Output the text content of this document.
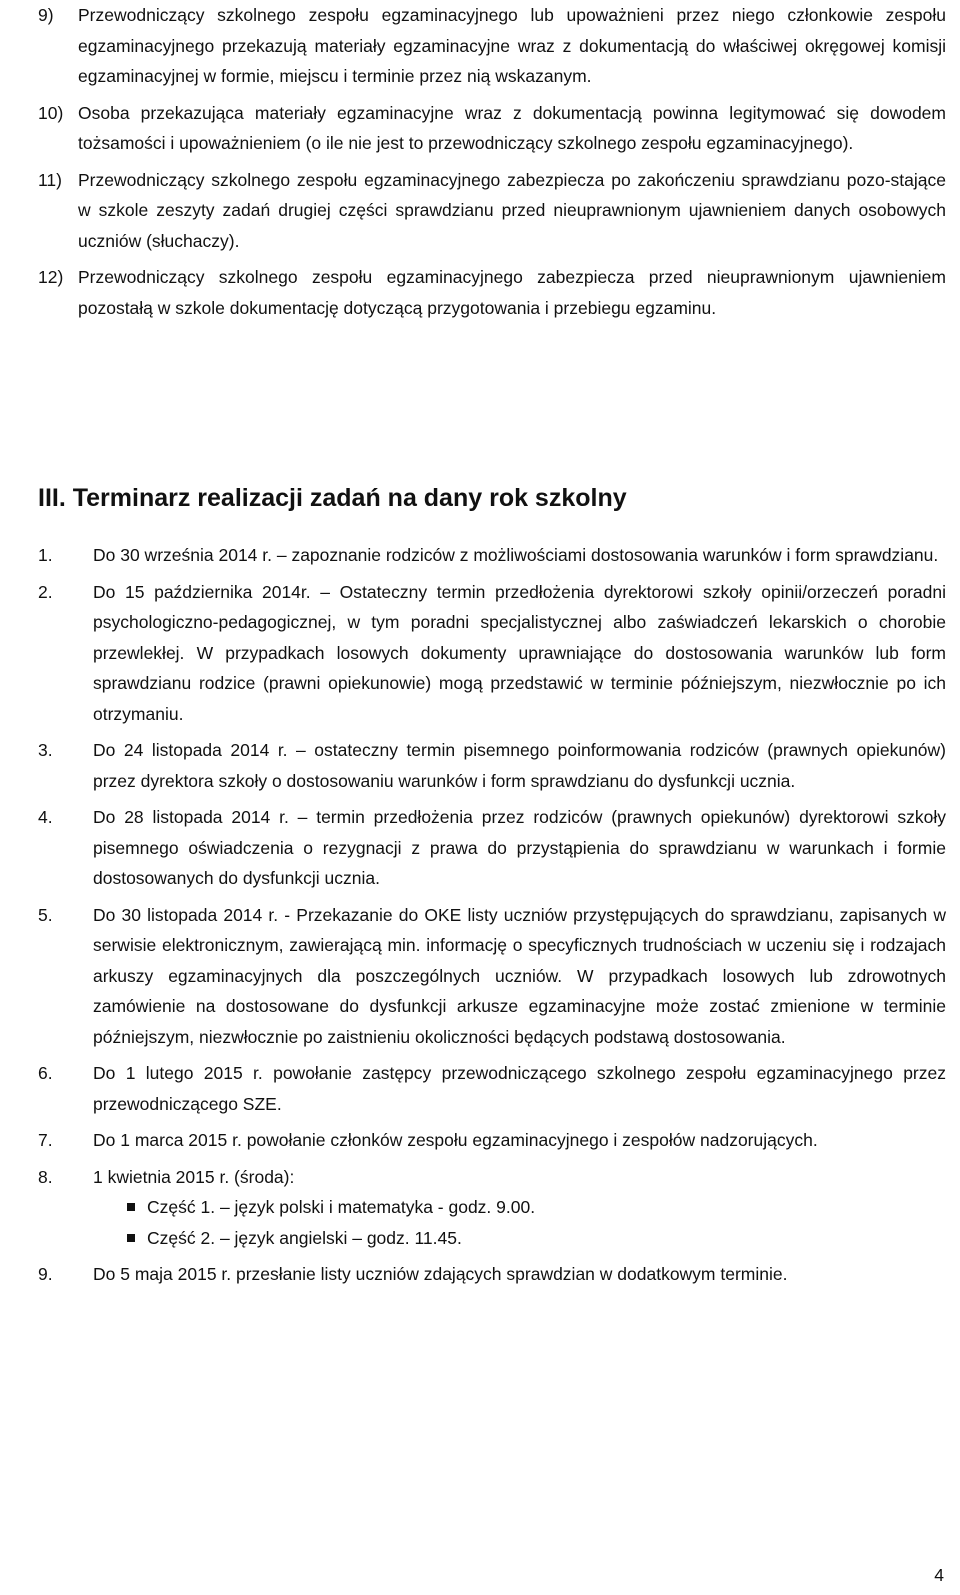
9) Przewodniczący szkolnego zespołu egzaminacyjnego lub upoważnieni przez niego członkowie zespołu egzaminacyjnego przekazują materiały egzaminacyjne wraz z dokumentacją do właściwej okręgowej komisji egzaminacyjnej w formie, miejscu i terminie przez nią wskazanym.
10) Osoba przekazująca materiały egzaminacyjne wraz z dokumentacją powinna legitymować się dowodem tożsamości i upoważnieniem (o ile nie jest to przewodniczący szkolnego zespołu egzaminacyjnego).
11) Przewodniczący szkolnego zespołu egzaminacyjnego zabezpiecza po zakończeniu sprawdzianu pozo-stające w szkole zeszyty zadań drugiej części sprawdzianu przed nieuprawnionym ujawnieniem danych osobowych uczniów (słuchaczy).
12) Przewodniczący szkolnego zespołu egzaminacyjnego zabezpiecza przed nieuprawnionym ujawnieniem pozostałą w szkole dokumentację dotyczącą przygotowania i przebiegu egzaminu.
III. Terminarz realizacji zadań na dany rok szkolny
1. Do 30 września 2014 r. – zapoznanie rodziców z możliwościami dostosowania warunków i form sprawdzianu.
2. Do 15 października 2014r. – Ostateczny termin przedłożenia dyrektorowi szkoły opinii/orzeczeń poradni psychologiczno-pedagogicznej, w tym poradni specjalistycznej albo zaświadczeń lekarskich o chorobie przewlekłej. W przypadkach losowych dokumenty uprawniające do dostosowania warunków lub form sprawdzianu rodzice (prawni opiekunowie) mogą przedstawić w terminie późniejszym, niezwłocznie po ich otrzymaniu.
3. Do 24 listopada 2014 r. – ostateczny termin pisemnego poinformowania rodziców (prawnych opiekunów) przez dyrektora szkoły o dostosowaniu warunków i form sprawdzianu do dysfunkcji ucznia.
4. Do 28 listopada 2014 r. – termin przedłożenia przez rodziców (prawnych opiekunów) dyrektorowi szkoły pisemnego oświadczenia o rezygnacji z prawa do przystąpienia do sprawdzianu w warunkach i formie dostosowanych do dysfunkcji ucznia.
5. Do 30 listopada 2014 r. - Przekazanie do OKE listy uczniów przystępujących do sprawdzianu, zapisanych w serwisie elektronicznym, zawierającą min. informację o specyficznych trudnościach w uczeniu się i rodzajach arkuszy egzaminacyjnych dla poszczególnych uczniów. W przypadkach losowych lub zdrowotnych zamówienie na dostosowane do dysfunkcji arkusze egzaminacyjne może zostać zmienione w terminie późniejszym, niezwłocznie po zaistnieniu okoliczności będących podstawą dostosowania.
6. Do 1 lutego 2015 r. powołanie zastępcy przewodniczącego szkolnego zespołu egzaminacyjnego przez przewodniczącego SZE.
7. Do 1 marca 2015 r. powołanie członków zespołu egzaminacyjnego i zespołów nadzorujących.
8. 1 kwietnia 2015 r. (środa):
Część 1. – język polski i matematyka - godz. 9.00.
Część 2. – język angielski – godz. 11.45.
9. Do 5 maja 2015 r. przesłanie listy uczniów zdających sprawdzian w dodatkowym terminie.
4
